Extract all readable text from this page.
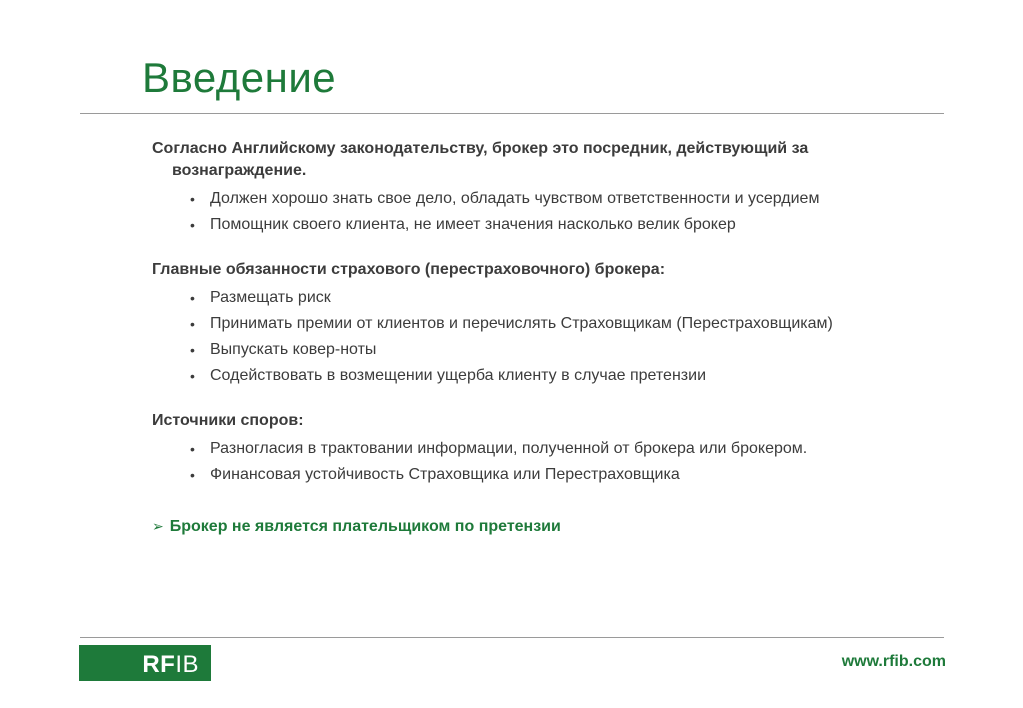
Введение
Согласно Английскому законодательству, брокер это посредник, действующий за вознаграждение.
• Должен хорошо знать свое дело, обладать чувством ответственности и усердием
• Помощник своего клиента, не имеет значения насколько велик брокер
Главные обязанности страхового (перестраховочного) брокера:
• Размещать риск
• Принимать премии от клиентов и перечислять Страховщикам (Перестраховщикам)
• Выпускать ковер-ноты
• Содействовать в возмещении ущерба клиенту в случае претензии
Источники споров:
• Разногласия в трактовании информации, полученной от брокера или брокером.
• Финансовая устойчивость Страховщика или Перестраховщика
➢ Брокер не является плательщиком по претензии
RFIB	www.rfib.com
